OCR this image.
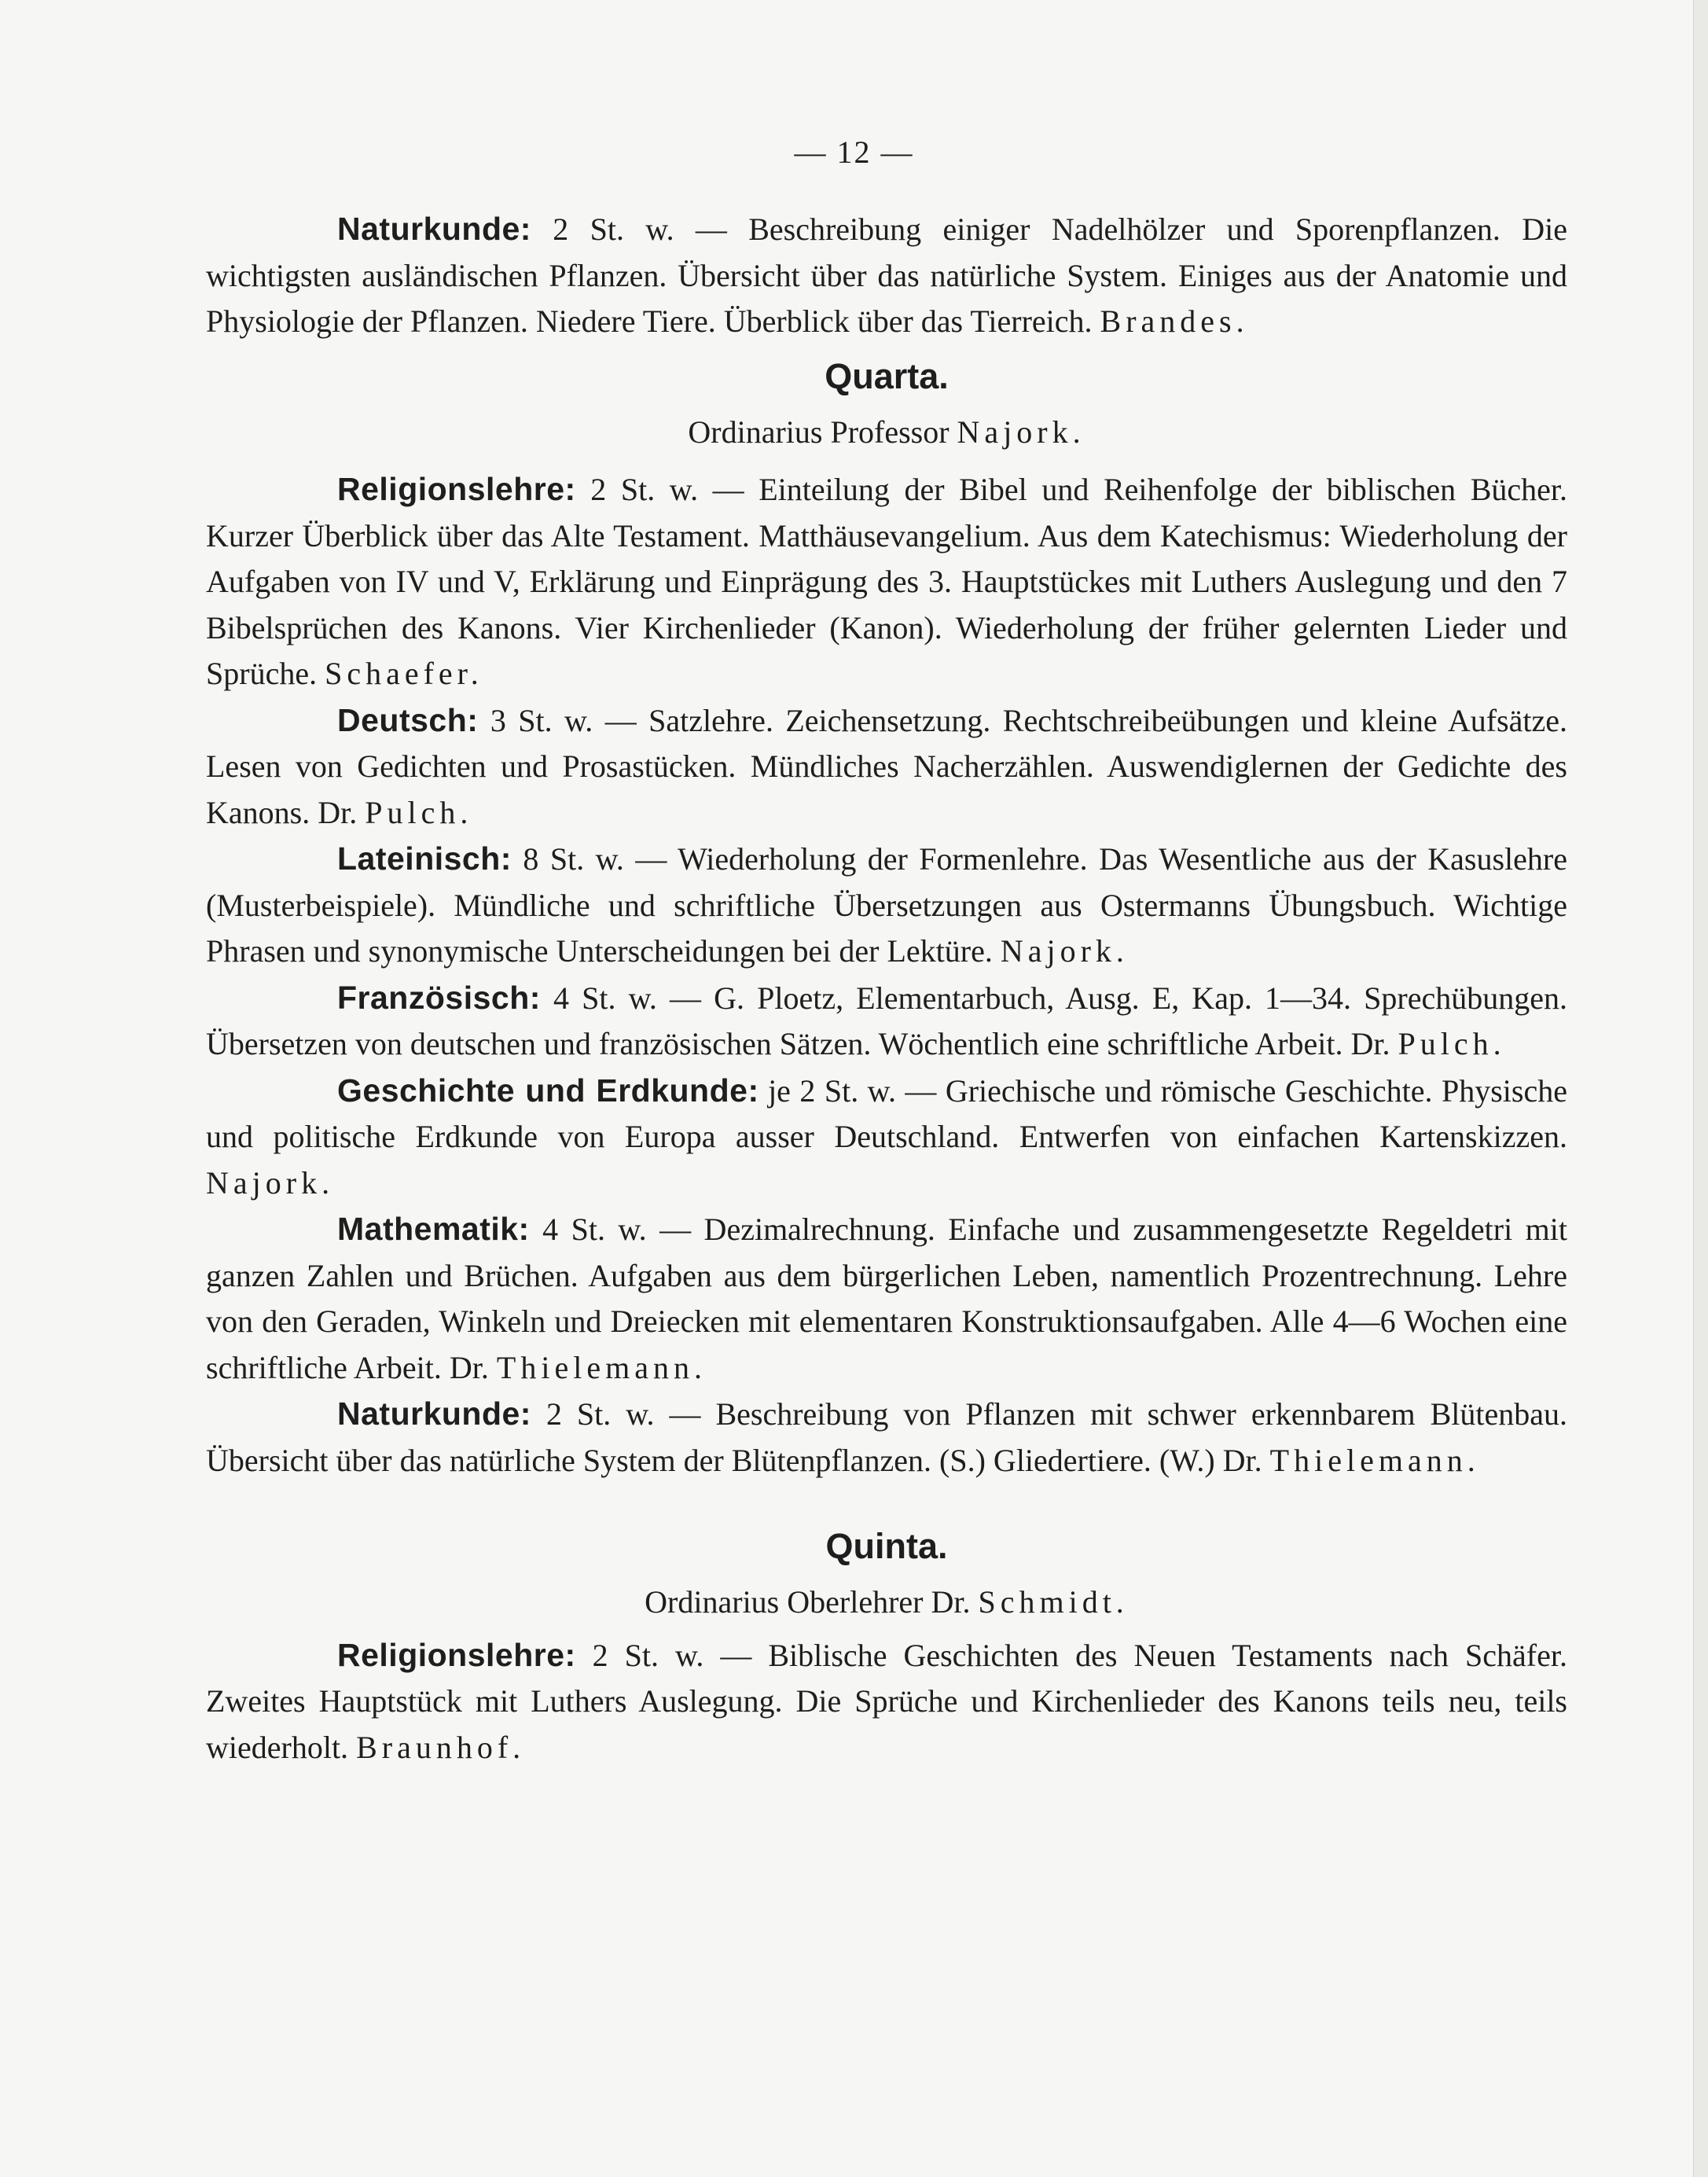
— 12 —

Naturkunde: 2 St. w. — Beschreibung einiger Nadelhölzer und Sporenpflanzen. Die wichtigsten ausländischen Pflanzen. Übersicht über das natürliche System. Einiges aus der Anatomie und Physiologie der Pflanzen. Niedere Tiere. Überblick über das Tierreich. Brandes.

Quarta.

Ordinarius Professor Najork.

Religionslehre: 2 St. w. — Einteilung der Bibel und Reihenfolge der biblischen Bücher. Kurzer Überblick über das Alte Testament. Matthäusevangelium. Aus dem Katechismus: Wiederholung der Aufgaben von IV und V, Erklärung und Einprägung des 3. Hauptstückes mit Luthers Auslegung und den 7 Bibelsprüchen des Kanons. Vier Kirchenlieder (Kanon). Wiederholung der früher gelernten Lieder und Sprüche. Schaefer.

Deutsch: 3 St. w. — Satzlehre. Zeichensetzung. Rechtschreibeübungen und kleine Aufsätze. Lesen von Gedichten und Prosastücken. Mündliches Nacherzählen. Auswendiglernen der Gedichte des Kanons. Dr. Pulch.

Lateinisch: 8 St. w. — Wiederholung der Formenlehre. Das Wesentliche aus der Kasuslehre (Musterbeispiele). Mündliche und schriftliche Übersetzungen aus Ostermanns Übungsbuch. Wichtige Phrasen und synonymische Unterscheidungen bei der Lektüre. Najork.

Französisch: 4 St. w. — G. Ploetz, Elementarbuch, Ausg. E, Kap. 1—34. Sprechübungen. Übersetzen von deutschen und französischen Sätzen. Wöchentlich eine schriftliche Arbeit. Dr. Pulch.

Geschichte und Erdkunde: je 2 St. w. — Griechische und römische Geschichte. Physische und politische Erdkunde von Europa ausser Deutschland. Entwerfen von einfachen Kartenskizzen. Najork.

Mathematik: 4 St. w. — Dezimalrechnung. Einfache und zusammengesetzte Regeldetri mit ganzen Zahlen und Brüchen. Aufgaben aus dem bürgerlichen Leben, namentlich Prozentrechnung. Lehre von den Geraden, Winkeln und Dreiecken mit elementaren Konstruktionsaufgaben. Alle 4—6 Wochen eine schriftliche Arbeit. Dr. Thielemann.

Naturkunde: 2 St. w. — Beschreibung von Pflanzen mit schwer erkennbarem Blütenbau. Übersicht über das natürliche System der Blütenpflanzen. (S.) Gliedertiere. (W.) Dr. Thielemann.

Quinta.

Ordinarius Oberlehrer Dr. Schmidt.

Religionslehre: 2 St. w. — Biblische Geschichten des Neuen Testaments nach Schäfer. Zweites Hauptstück mit Luthers Auslegung. Die Sprüche und Kirchenlieder des Kanons teils neu, teils wiederholt. Braunhof.
